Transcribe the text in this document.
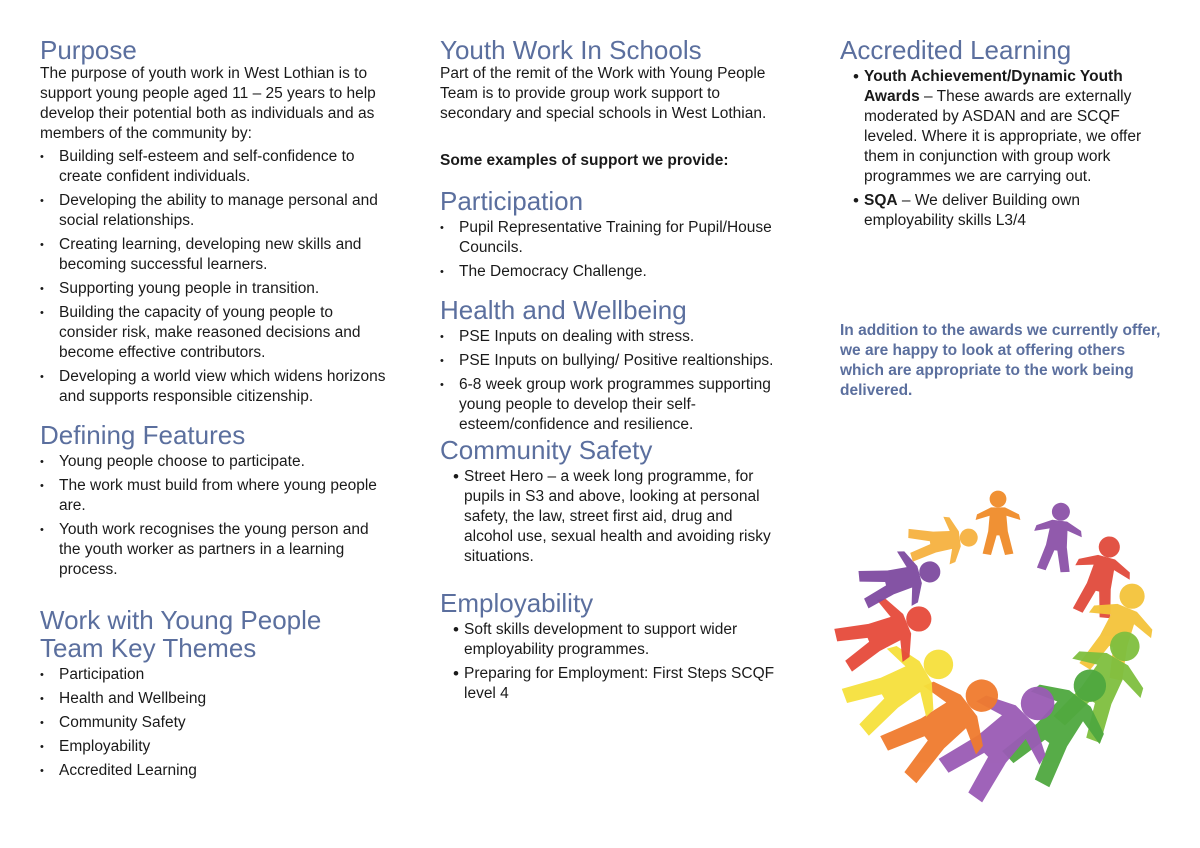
Purpose

The purpose of youth work in West Lothian is to support young people aged 11 – 25 years to help develop their potential both as individuals and as members of the community by:

• Building self-esteem and self-confidence to create confident individuals.
• Developing the ability to manage personal and social relationships.
• Creating learning, developing new skills and becoming successful learners.
• Supporting young people in transition.
• Building the capacity of young people to consider risk, make reasoned decisions and become effective contributors.
• Developing a world view which widens horizons and supports responsible citizenship.
Defining Features
• Young people choose to participate.
• The work must build from where young people are.
• Youth work recognises the young person and the youth worker as partners in a learning process.
Work with Young People
Team Key Themes
• Participation
• Health and Wellbeing
• Community Safety
• Employability
• Accredited Learning
Youth Work In Schools

Part of the remit of the Work with Young People Team is to provide group work support to secondary and special schools in West Lothian.

Some examples of support we provide:

Participation
• Pupil Representative Training for Pupil/House Councils.
• The Democracy Challenge.
Health and Wellbeing
• PSE Inputs on dealing with stress.
• PSE Inputs on bullying/ Positive realtionships.
• 6-8 week group work programmes supporting young people to develop their self-esteem/confidence and resilience.
Community Safety
• Street Hero – a week long programme, for pupils in S3 and above, looking at personal safety, the law, street first aid, drug and alcohol use, sexual health and avoiding risky situations.
Employability
• Soft skills development to support wider employability programmes.
• Preparing for Employment: First Steps SCQF level 4
Accredited Learning
• Youth Achievement/Dynamic Youth Awards – These awards are externally moderated by ASDAN and are SCQF leveled. Where it is appropriate, we offer them in conjunction with group work programmes we are carrying out.
• SQA – We deliver Building own employability skills L3/4

In addition to the awards we currently offer, we are happy to look at offering others which are appropriate to the work being delivered.
